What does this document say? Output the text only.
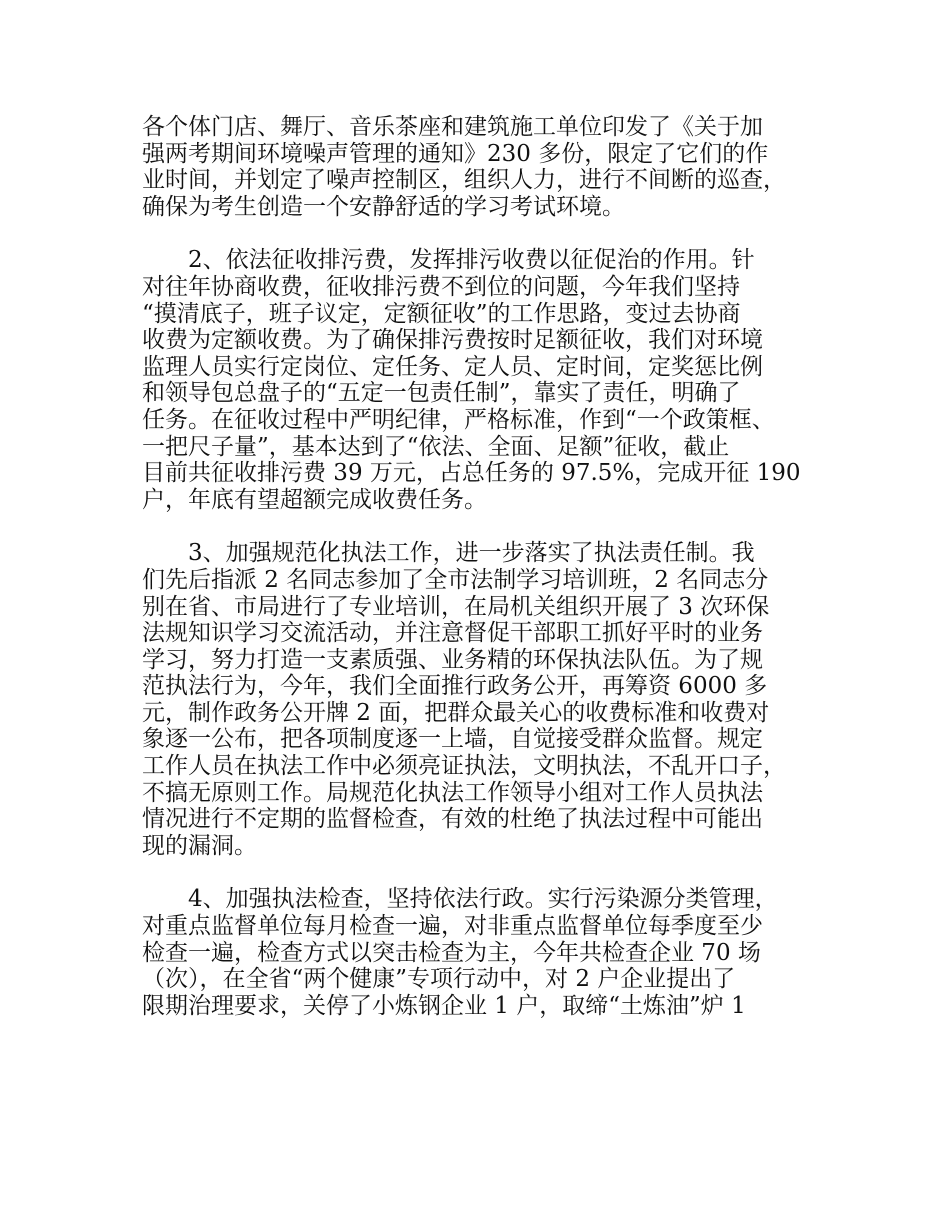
各个体门店、舞厅、音乐茶座和建筑施工单位印发了《关于加
强两考期间环境噪声管理的通知》230 多份，限定了它们的作
业时间，并划定了噪声控制区，组织人力，进行不间断的巡查，
确保为考生创造一个安静舒适的学习考试环境。
2、依法征收排污费，发挥排污收费以征促治的作用。针
对往年协商收费，征收排污费不到位的问题，今年我们坚持
“摸清底子，班子议定，定额征收”的工作思路，变过去协商
收费为定额收费。为了确保排污费按时足额征收，我们对环境
监理人员实行定岗位、定任务、定人员、定时间，定奖惩比例
和领导包总盘子的“五定一包责任制”，靠实了责任，明确了
任务。在征收过程中严明纪律，严格标准，作到“一个政策框、
一把尺子量”，基本达到了“依法、全面、足额”征收，截止
目前共征收排污费 39 万元，占总任务的 97.5%，完成开征 190
户，年底有望超额完成收费任务。
3、加强规范化执法工作，进一步落实了执法责任制。我
们先后指派 2 名同志参加了全市法制学习培训班，2 名同志分
别在省、市局进行了专业培训，在局机关组织开展了 3 次环保
法规知识学习交流活动，并注意督促干部职工抓好平时的业务
学习，努力打造一支素质强、业务精的环保执法队伍。为了规
范执法行为，今年，我们全面推行政务公开，再筹资 6000 多
元，制作政务公开牌 2 面，把群众最关心的收费标准和收费对
象逐一公布，把各项制度逐一上墙，自觉接受群众监督。规定
工作人员在执法工作中必须亮证执法，文明执法，不乱开口子，
不搞无原则工作。局规范化执法工作领导小组对工作人员执法
情况进行不定期的监督检查，有效的杜绝了执法过程中可能出
现的漏洞。
4、加强执法检查，坚持依法行政。实行污染源分类管理，
对重点监督单位每月检查一遍，对非重点监督单位每季度至少
检查一遍，检查方式以突击检查为主，今年共检查企业 70 场
（次），在全省“两个健康”专项行动中，对 2 户企业提出了
限期治理要求，关停了小炼钢企业 1 户，取缔“土炼油”炉 1
